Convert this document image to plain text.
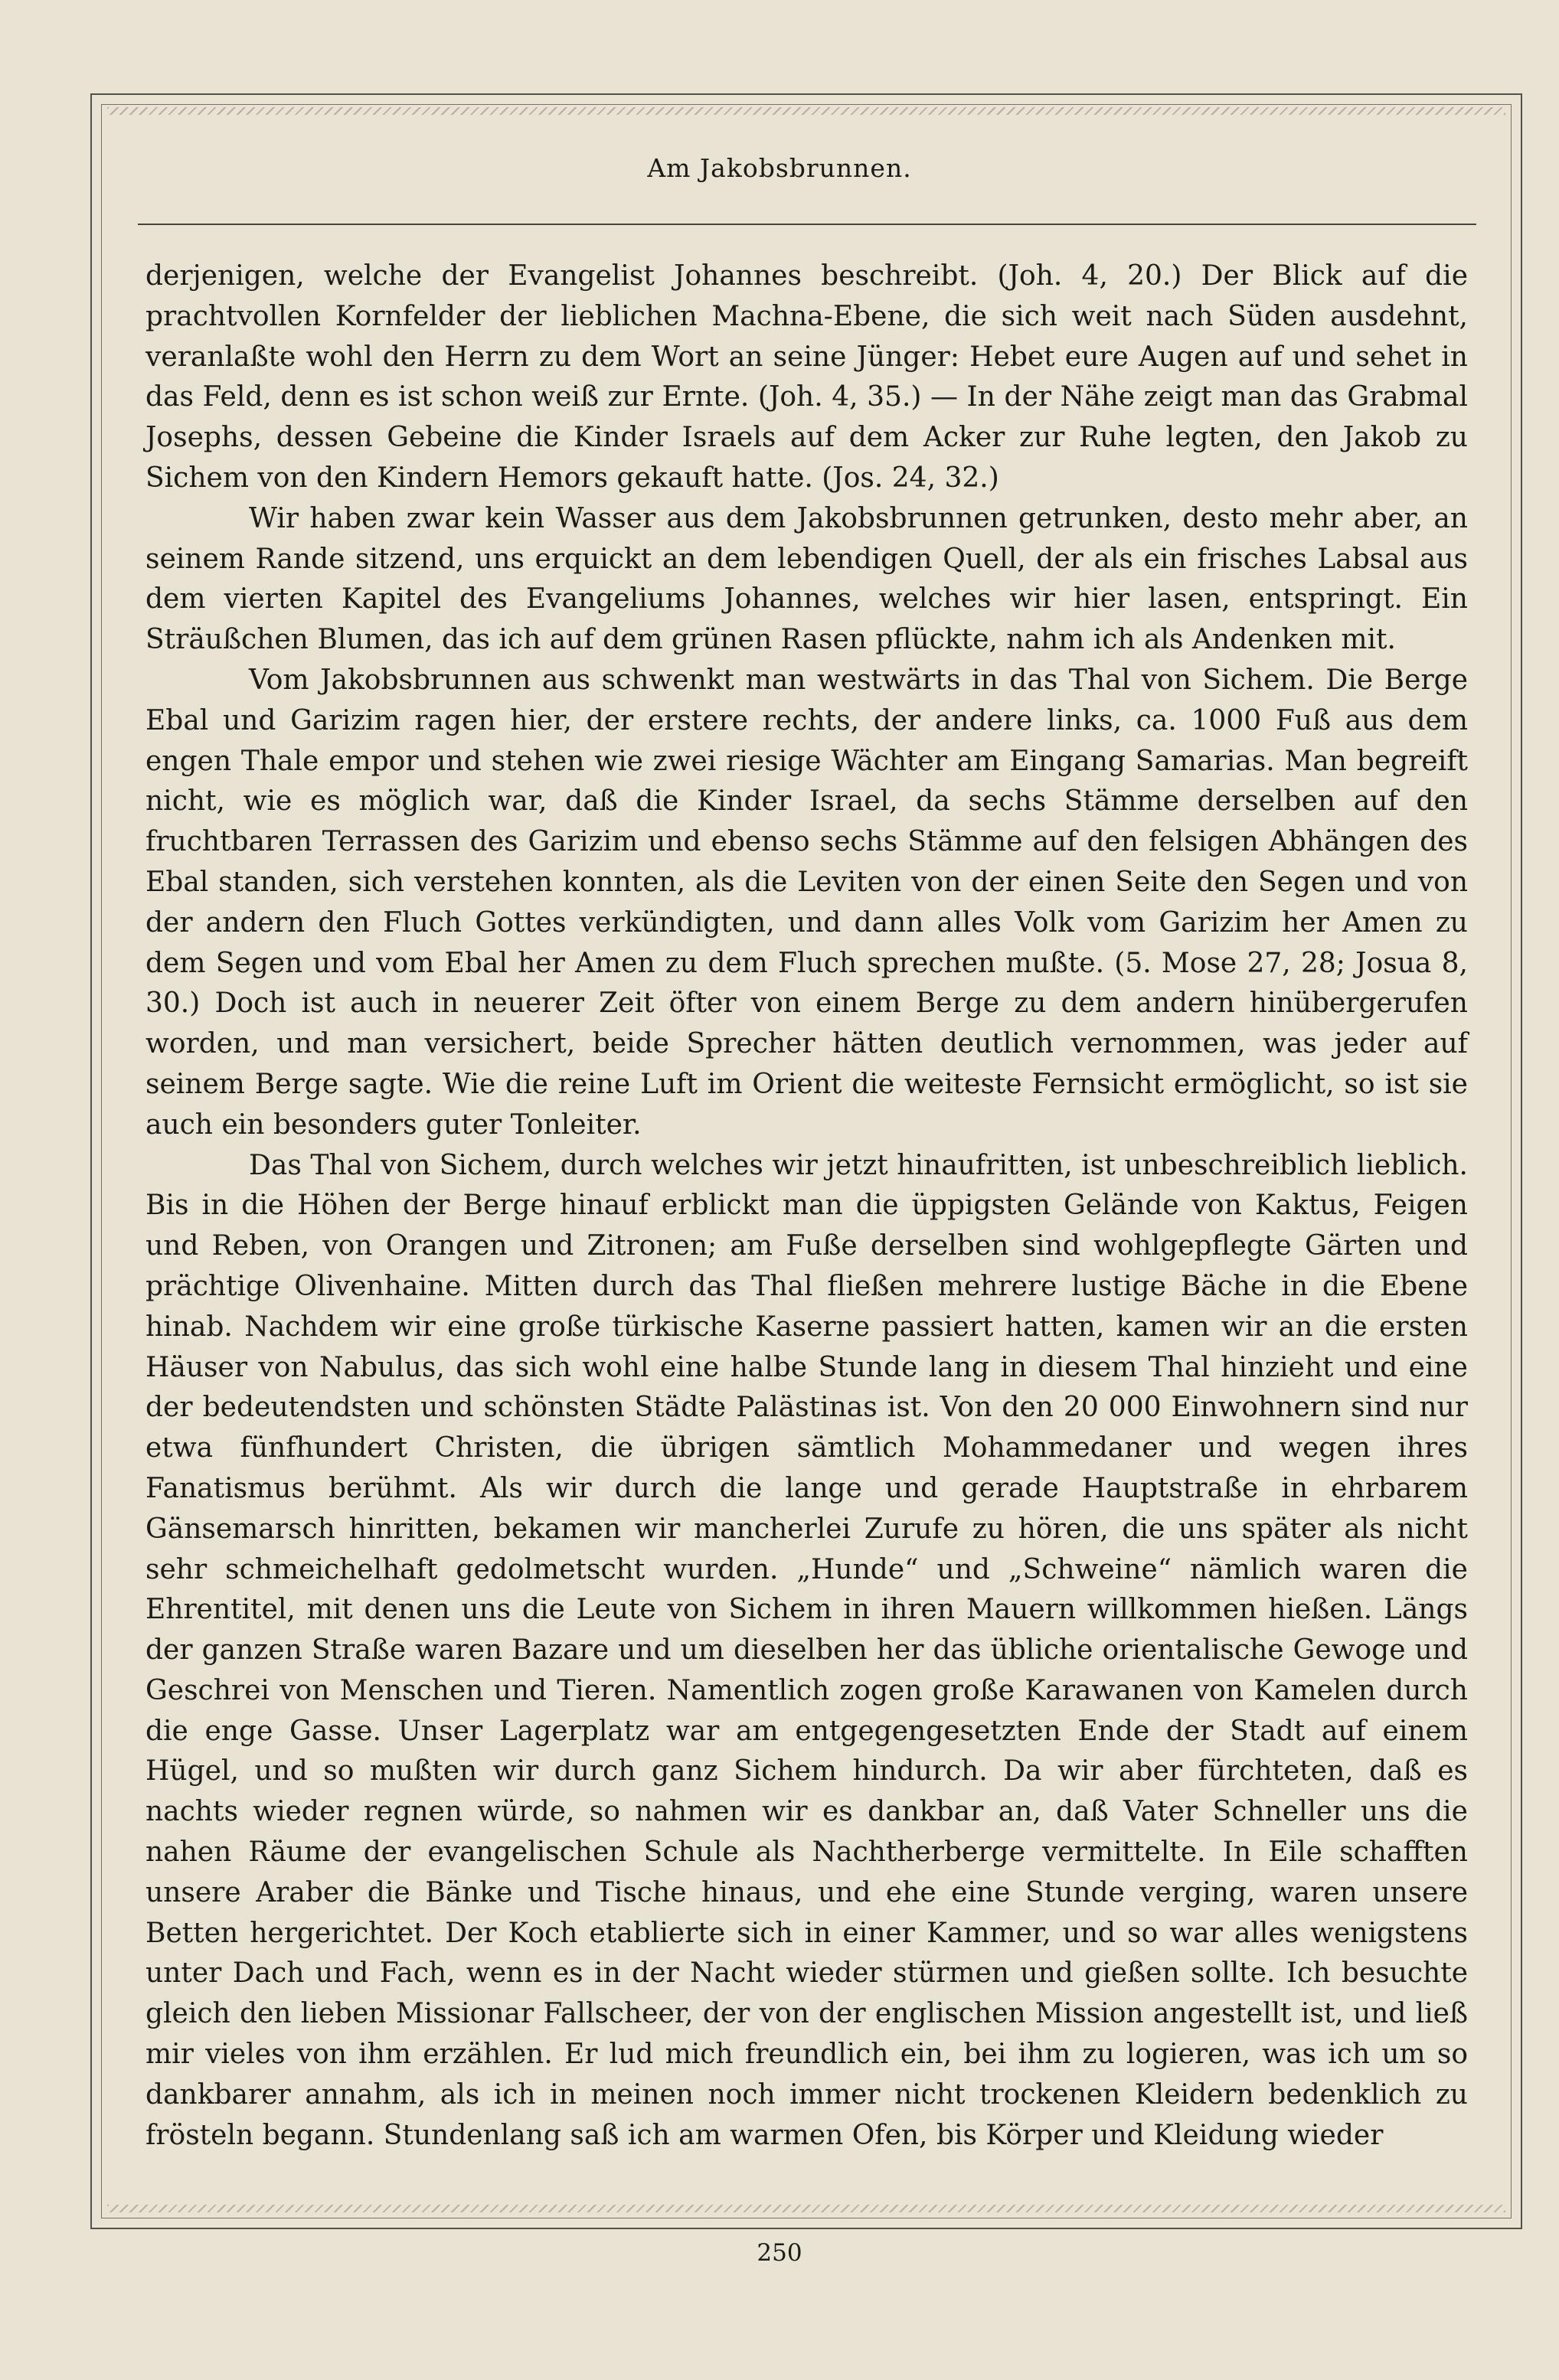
Am Jakobsbrunnen.

derjenigen, welche der Evangelist Johannes beschreibt. (Joh. 4, 20.) Der Blick auf die prachtvollen Kornfelder der lieblichen Machna-Ebene, die sich weit nach Süden ausdehnt, veranlaßte wohl den Herrn zu dem Wort an seine Jünger: Hebet eure Augen auf und sehet in das Feld, denn es ist schon weiß zur Ernte. (Joh. 4, 35.) — In der Nähe zeigt man das Grabmal Josephs, dessen Gebeine die Kinder Israels auf dem Acker zur Ruhe legten, den Jakob zu Sichem von den Kindern Hemors gekauft hatte. (Jos. 24, 32.)

Wir haben zwar kein Wasser aus dem Jakobsbrunnen getrunken, desto mehr aber, an seinem Rande sitzend, uns erquickt an dem lebendigen Quell, der als ein frisches Labsal aus dem vierten Kapitel des Evangeliums Johannes, welches wir hier lasen, entspringt. Ein Sträußchen Blumen, das ich auf dem grünen Rasen pflückte, nahm ich als Andenken mit.

Vom Jakobsbrunnen aus schwenkt man westwärts in das Thal von Sichem. Die Berge Ebal und Garizim ragen hier, der erstere rechts, der andere links, ca. 1000 Fuß aus dem engen Thale empor und stehen wie zwei riesige Wächter am Eingang Samarias. Man begreift nicht, wie es möglich war, daß die Kinder Israel, da sechs Stämme derselben auf den fruchtbaren Terrassen des Garizim und ebenso sechs Stämme auf den felsigen Abhängen des Ebal standen, sich verstehen konnten, als die Leviten von der einen Seite den Segen und von der andern den Fluch Gottes verkündigten, und dann alles Volk vom Garizim her Amen zu dem Segen und vom Ebal her Amen zu dem Fluch sprechen mußte. (5. Mose 27, 28; Josua 8, 30.) Doch ist auch in neuerer Zeit öfter von einem Berge zu dem andern hinübergerufen worden, und man versichert, beide Sprecher hätten deutlich vernommen, was jeder auf seinem Berge sagte. Wie die reine Luft im Orient die weiteste Fernsicht ermöglicht, so ist sie auch ein besonders guter Tonleiter.

Das Thal von Sichem, durch welches wir jetzt hinaufritten, ist unbeschreiblich lieblich. Bis in die Höhen der Berge hinauf erblickt man die üppigsten Gelände von Kaktus, Feigen und Reben, von Orangen und Zitronen; am Fuße derselben sind wohlgepflegte Gärten und prächtige Olivenhaine. Mitten durch das Thal fließen mehrere lustige Bäche in die Ebene hinab. Nachdem wir eine große türkische Kaserne passiert hatten, kamen wir an die ersten Häuser von Nabulus, das sich wohl eine halbe Stunde lang in diesem Thal hinzieht und eine der bedeutendsten und schönsten Städte Palästinas ist. Von den 20 000 Einwohnern sind nur etwa fünfhundert Christen, die übrigen sämtlich Mohammedaner und wegen ihres Fanatismus berühmt. Als wir durch die lange und gerade Hauptstraße in ehrbarem Gänsemarsch hinritten, bekamen wir mancherlei Zurufe zu hören, die uns später als nicht sehr schmeichelhaft gedolmetscht wurden. „Hunde“ und „Schweine“ nämlich waren die Ehrentitel, mit denen uns die Leute von Sichem in ihren Mauern willkommen hießen. Längs der ganzen Straße waren Bazare und um dieselben her das übliche orientalische Gewoge und Geschrei von Menschen und Tieren. Namentlich zogen große Karawanen von Kamelen durch die enge Gasse. Unser Lagerplatz war am entgegengesetzten Ende der Stadt auf einem Hügel, und so mußten wir durch ganz Sichem hindurch. Da wir aber fürchteten, daß es nachts wieder regnen würde, so nahmen wir es dankbar an, daß Vater Schneller uns die nahen Räume der evangelischen Schule als Nachtherberge vermittelte. In Eile schafften unsere Araber die Bänke und Tische hinaus, und ehe eine Stunde verging, waren unsere Betten hergerichtet. Der Koch etablierte sich in einer Kammer, und so war alles wenigstens unter Dach und Fach, wenn es in der Nacht wieder stürmen und gießen sollte. Ich besuchte gleich den lieben Missionar Fallscheer, der von der englischen Mission angestellt ist, und ließ mir vieles von ihm erzählen. Er lud mich freundlich ein, bei ihm zu logieren, was ich um so dankbarer annahm, als ich in meinen noch immer nicht trockenen Kleidern bedenklich zu frösteln begann. Stundenlang saß ich am warmen Ofen, bis Körper und Kleidung wieder

250
